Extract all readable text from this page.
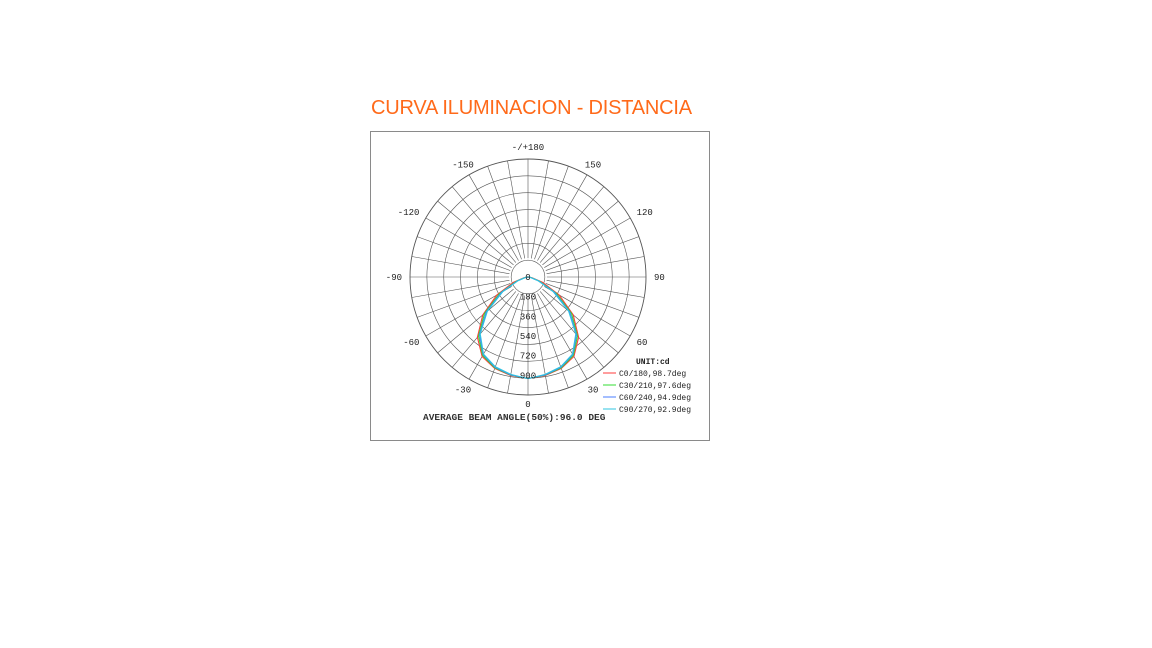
CURVA ILUMINACION - DISTANCIA
-/+180
150
-150
120
-120
90
-90
60
-60
30
-30
0
0
180
360
540
720
900	C0/180,98.7deg
C30/210,97.6deg
C60/240,94.9deg
C90/270,92.9deg
AVERAGE BEAM ANGLE(50%):96.0 DEG
UNIT:cd
